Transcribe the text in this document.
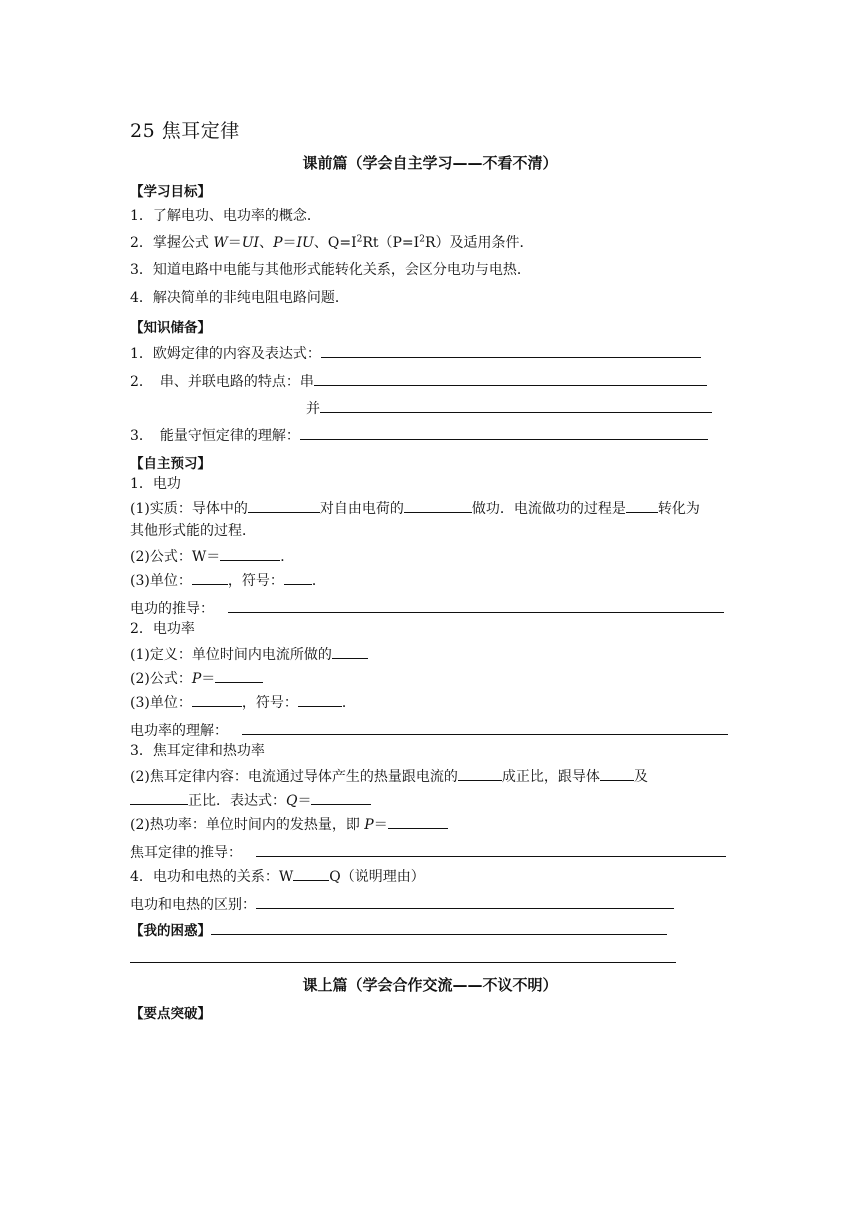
25 焦耳定律
课前篇（学会自主学习——不看不清）
【学习目标】
1．了解电功、电功率的概念．
2．掌握公式 W＝UI、P＝IU、$Q=I^2Rt(P=I^2R)$及适用条件．
3．知道电路中电能与其他形式能转化关系，会区分电功与电热．
4．解决简单的非纯电阻电路问题．
【知识储备】
1．欧姆定律的内容及表达式：
2．　串、并联电路的特点：串
并
3．　能量守恒定律的理解：
【自主预习】
1．电功
(1)实质：导体中的	对自由电荷的	做功．电流做功的过程是 转化为
其他形式能的过程．
(2)公式：W＝	．
(3)单位：	，符号： ．
电功的推导：
2．电功率
(1)定义：单位时间内电流所做的
(2)公式：P＝
(3)单位：	，符号：	．
电功率的理解：
3．焦耳定律和热功率
(2)焦耳定律内容：电流通过导体产生的热量跟电流的	成正比，跟导体 及
正比．表达式：Q＝
(2)热功率：单位时间内的发热量，即 P＝
焦耳定律的推导：
4．电功和电热的关系：W	Q（说明理由）
电功和电热的区别：
【我的困惑】
课上篇（学会合作交流——不议不明）
【要点突破】
